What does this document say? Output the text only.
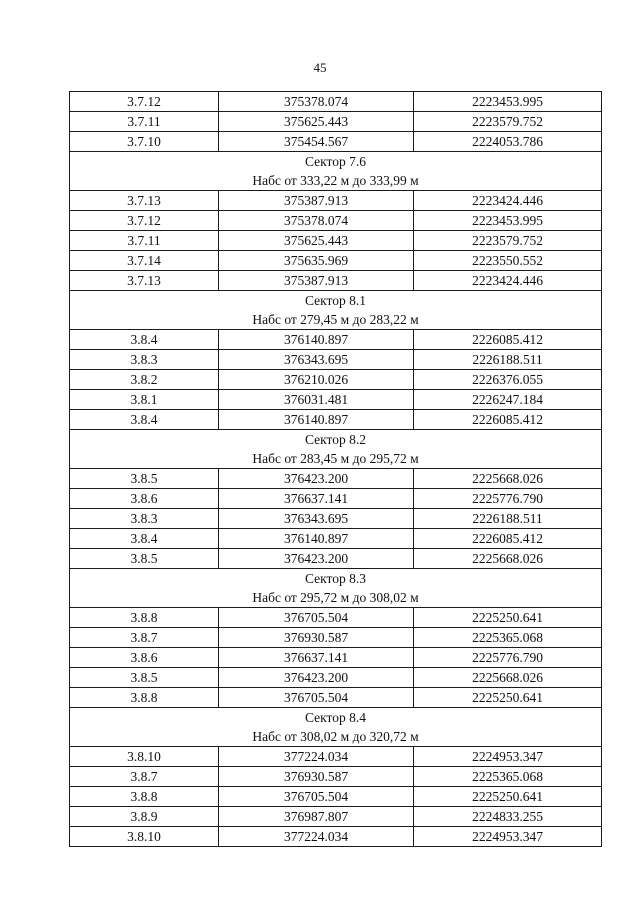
45
3.7.12	375378.074	2223453.995
3.7.11	375625.443	2223579.752
3.7.10	375454.567	2224053.786
Сектор 7.6		
Набс от 333,22 м до 333,99 м		
3.7.13	375387.913	2223424.446
3.7.12	375378.074	2223453.995
3.7.11	375625.443	2223579.752
3.7.14	375635.969	2223550.552
3.7.13	375387.913	2223424.446
Сектор 8.1		
Набс от 279,45 м до 283,22 м		
3.8.4	376140.897	2226085.412
3.8.3	376343.695	2226188.511
3.8.2	376210.026	2226376.055
3.8.1	376031.481	2226247.184
3.8.4	376140.897	2226085.412
Сектор 8.2		
Набс от 283,45 м до 295,72 м		
3.8.5	376423.200	2225668.026
3.8.6	376637.141	2225776.790
3.8.3	376343.695	2226188.511
3.8.4	376140.897	2226085.412
3.8.5	376423.200	2225668.026
Сектор 8.3		
Набс от 295,72 м до 308,02 м		
3.8.8	376705.504	2225250.641
3.8.7	376930.587	2225365.068
3.8.6	376637.141	2225776.790
3.8.5	376423.200	2225668.026
3.8.8	376705.504	2225250.641
Сектор 8.4		
Набс от 308,02 м до 320,72 м		
3.8.10	377224.034	2224953.347
3.8.7	376930.587	2225365.068
3.8.8	376705.504	2225250.641
3.8.9	376987.807	2224833.255
3.8.10	377224.034	2224953.347
